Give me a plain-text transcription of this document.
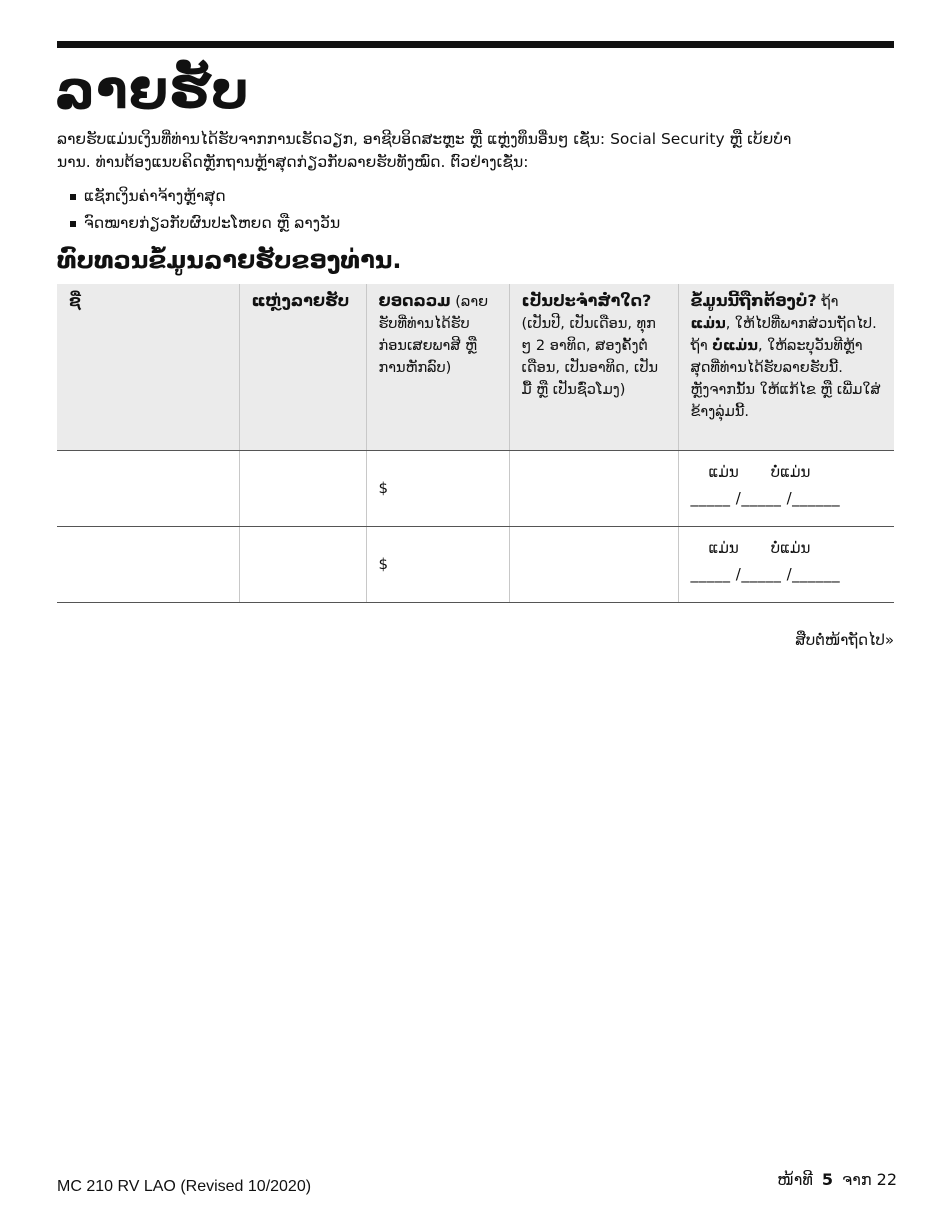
ລາຍຮັບ

ລາຍຮັບແມ່ນເງິນທີ່ທ່ານໄດ້ຮັບຈາກການເຮັດວຽກ, ອາຊີບອິດສະຫຼະ ຫຼື ແຫຼ່ງທຶນອື່ນໆ ເຊັ່ນ: Social Security ຫຼື ເບ້ຍບໍານານ. ທ່ານຕ້ອງແນບຄິດຫຼັກຖານຫຼ້າສຸດກ່ຽວກັບລາຍຮັບທັງໝົດ. ຕົວຢ່າງເຊັ່ນ:

ແຊັກເງິນຄ່າຈ້າງຫຼ້າສຸດ
ຈົດໝາຍກ່ຽວກັບຜົນປະໂຫຍດ ຫຼື ລາງວັນ
ທົບທວນຂໍ້ມູນລາຍຮັບຂອງທ່ານ.
ຊື່	ແຫຼ່ງລາຍຮັບ	ຍອດລວມ (ລາຍຮັບທີ່ທ່ານໄດ້ຮັບກ່ອນເສຍພາສີ ຫຼື ການຫັກລົບ)	ເປັນປະຈໍາສໍ່າໃດ? (ເປັນປີ, ເປັນເດືອນ, ທຸກໆ 2 ອາທິດ, ສອງຄັ້ງຕໍ່ເດືອນ, ເປັນອາທິດ, ເປັນມື້ ຫຼື ເປັນຊົ່ວໂມງ)	ຂໍ້ມູນນີ້ຖືກຕ້ອງບໍ? ຖ້າ ແມ່ນ, ໃຫ້ໄປທີ່ພາກສ່ວນຖັດໄປ. ຖ້າ ບໍ່ແມ່ນ, ໃຫ້ລະບຸວັນທີຫຼ້າສຸດທີ່ທ່ານໄດ້ຮັບລາຍຮັບນີ້. ຫຼັງຈາກນັ້ນ ໃຫ້ແກ້ໄຂ ຫຼື ເພີ່ມໃສ່ຂ້າງລຸ່ມນີ້.

		$		ແມ່ນ ບໍ່ແມ່ນ
_____ /_____ /______

		$		ແມ່ນ ບໍ່ແມ່ນ
_____ /_____ /______
ສືບຕໍ່ໜ້າຖັດໄປ»
MC 210 RV LAO (Revised 10/2020)	ໜ້າທີ 5 ຈາກ 22
